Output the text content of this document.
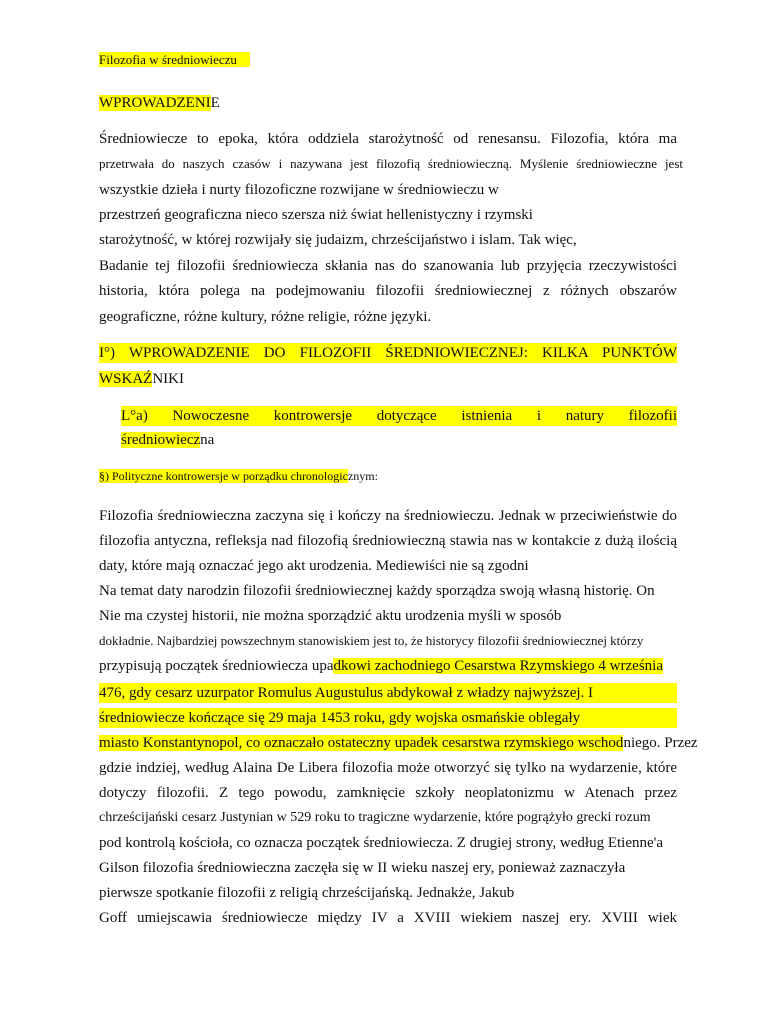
Filozofia w średniowieczu
WPROWADZENIE
Średniowiecze to epoka, która oddziela starożytność od renesansu. Filozofia, która ma
przetrwała do naszych czasów i nazywana jest filozofią średniowieczną. Myślenie średniowieczne jest
wszystkie dzieła i nurty filozoficzne rozwijane w średniowieczu w
przestrzeń geograficzna nieco szersza niż świat hellenistyczny i rzymski
starożytność, w której rozwijały się judaizm, chrześcijaństwo i islam. Tak więc,
Badanie tej filozofii średniowiecza skłania nas do szanowania lub przyjęcia rzeczywistości
historia, która polega na podejmowaniu filozofii średniowiecznej z różnych obszarów
geograficzne, różne kultury, różne religie, różne języki.
I°) WPROWADZENIE DO FILOZOFII ŚREDNIOWIECZNEJ: KILKA PUNKTÓW
WSKAŹNIKI
L°a) Nowoczesne kontrowersje dotyczące istnienia i natury filozofii
średniowieczna
§) Polityczne kontrowersje w porządku chronologicznym:
Filozofia średniowieczna zaczyna się i kończy na średniowieczu. Jednak w przeciwieństwie do
filozofia antyczna, refleksja nad filozofią średniowieczną stawia nas w kontakcie z dużą ilością
daty, które mają oznaczać jego akt urodzenia. Mediewiści nie są zgodni
Na temat daty narodzin filozofii średniowiecznej każdy sporządza swoją własną historię. On
Nie ma czystej historii, nie można sporządzić aktu urodzenia myśli w sposób
dokładnie. Najbardziej powszechnym stanowiskiem jest to, że historycy filozofii średniowiecznej którzy
przypisują początek średniowiecza upadkowi zachodniego Cesarstwa Rzymskiego 4 września
476, gdy cesarz uzurpator Romulus Augustulus abdykował z władzy najwyższej. I
średniowiecze kończące się 29 maja 1453 roku, gdy wojska osmańskie oblegały
miasto Konstantynopol, co oznaczało ostateczny upadek cesarstwa rzymskiego wschodniego. Przez
gdzie indziej, według Alaina De Libera filozofia może otworzyć się tylko na wydarzenie, które
dotyczy filozofii. Z tego powodu, zamknięcie szkoły neoplatonizmu w Atenach przez
chrześcijański cesarz Justynian w 529 roku to tragiczne wydarzenie, które pogrążyło grecki rozum
pod kontrolą kościoła, co oznacza początek średniowiecza. Z drugiej strony, według Etienne'a
Gilson filozofia średniowieczna zaczęła się w II wieku naszej ery, ponieważ zaznaczyła
pierwsze spotkanie filozofii z religią chrześcijańską. Jednakże, Jakub
Goff umiejscawia średniowiecze między IV a XVIII wiekiem naszej ery. XVIII wiek
